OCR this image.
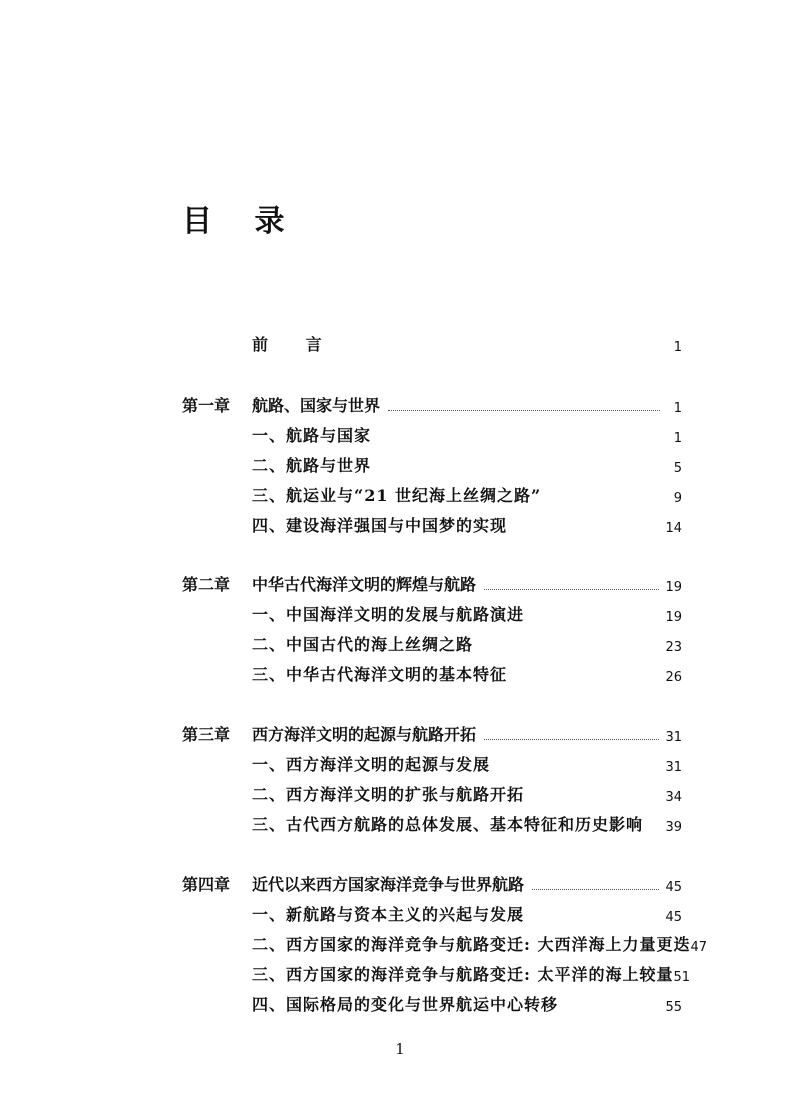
目 录
前 言	1
第一章	航路、国家与世界	1
一、航路与国家	1
二、航路与世界	5
三、航运业与“21 世纪海上丝绸之路”	9
四、建设海洋强国与中国梦的实现	14
第二章	中华古代海洋文明的辉煌与航路	19
一、中国海洋文明的发展与航路演进	19
二、中国古代的海上丝绸之路	23
三、中华古代海洋文明的基本特征	26
第三章	西方海洋文明的起源与航路开拓	31
一、西方海洋文明的起源与发展	31
二、西方海洋文明的扩张与航路开拓	34
三、古代西方航路的总体发展、基本特征和历史影响 39
第四章	近代以来西方国家海洋竞争与世界航路	45
一、新航路与资本主义的兴起与发展	45
二、西方国家的海洋竞争与航路变迁: 大西洋海上力量更迭 47
三、西方国家的海洋竞争与航路变迁: 太平洋的海上较量 51
四、国际格局的变化与世界航运中心转移	55
1
